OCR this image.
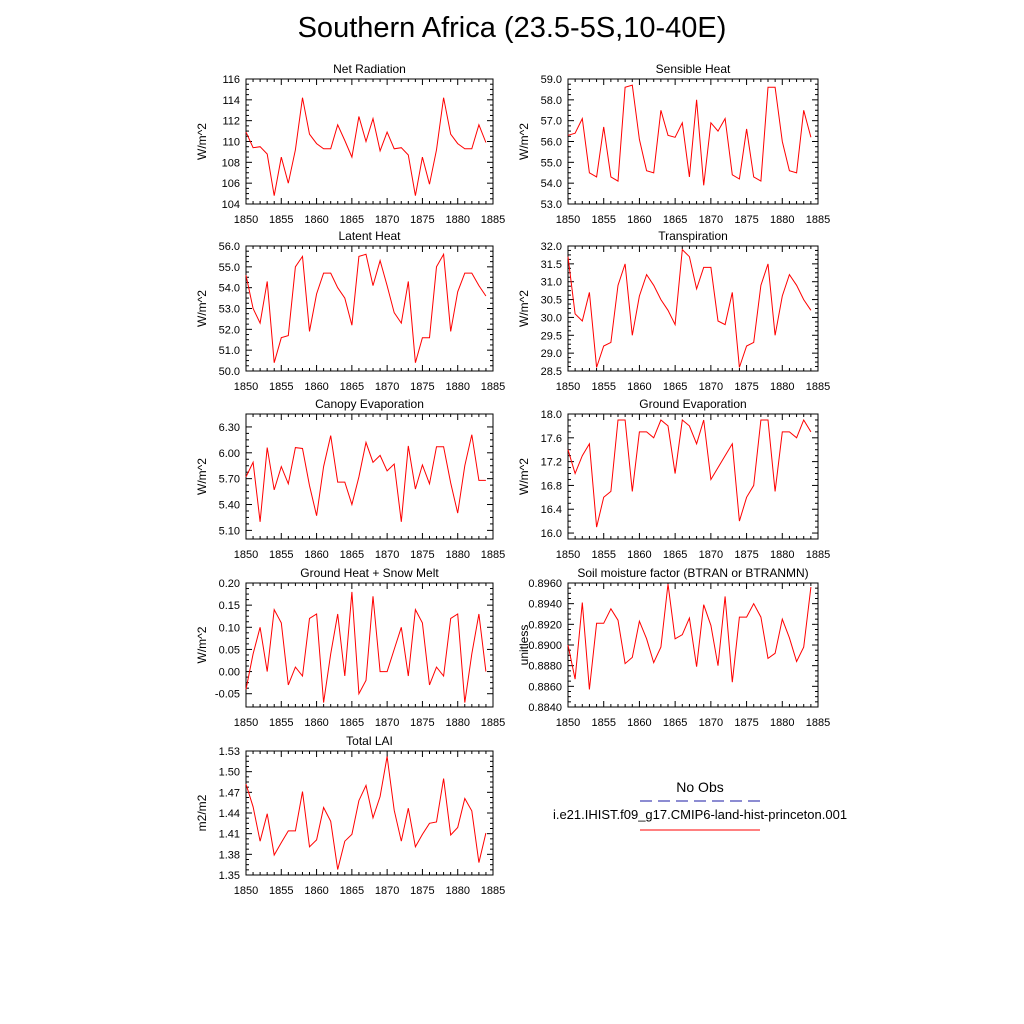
Southern Africa (23.5-5S,10-40E)
Net Radiation
W/m^2
1850 1855 1860 1865 1870 1875 1880 1885
104
106
108
110
112
114
116
Sensible Heat
W/m^2
1850 1855 1860 1865 1870 1875 1880 1885
53.0
54.0
55.0
56.0
57.0
58.0
59.0
Latent Heat
W/m^2
1850 1855 1860 1865 1870 1875 1880 1885
50.0
51.0
52.0
53.0
54.0
55.0
56.0
Transpiration
W/m^2
1850 1855 1860 1865 1870 1875 1880 1885
28.5
29.0
29.5
30.0
30.5
31.0
31.5
32.0
Canopy Evaporation
W/m^2
1850 1855 1860 1865 1870 1875 1880 1885
5.10
5.40
5.70
6.00
6.30
Ground Evaporation
W/m^2
1850 1855 1860 1865 1870 1875 1880 1885
16.0
16.4
16.8
17.2
17.6
18.0
Ground Heat + Snow Melt
W/m^2
1850 1855 1860 1865 1870 1875 1880 1885
-0.05
0.00
0.05
0.10
0.15
0.20
Soil moisture factor (BTRAN or BTRANMN)
unitless
1850 1855 1860 1865 1870 1875 1880 1885
0.8840
0.8860
0.8880
0.8900
0.8920
0.8940
0.8960
Total LAI
m2/m2
1850 1855 1860 1865 1870 1875 1880 1885
1.35
1.38
1.41
1.44
1.47
1.50
1.53
No Obs
i.e21.IHIST.f09_g17.CMIP6-land-hist-princeton.001
